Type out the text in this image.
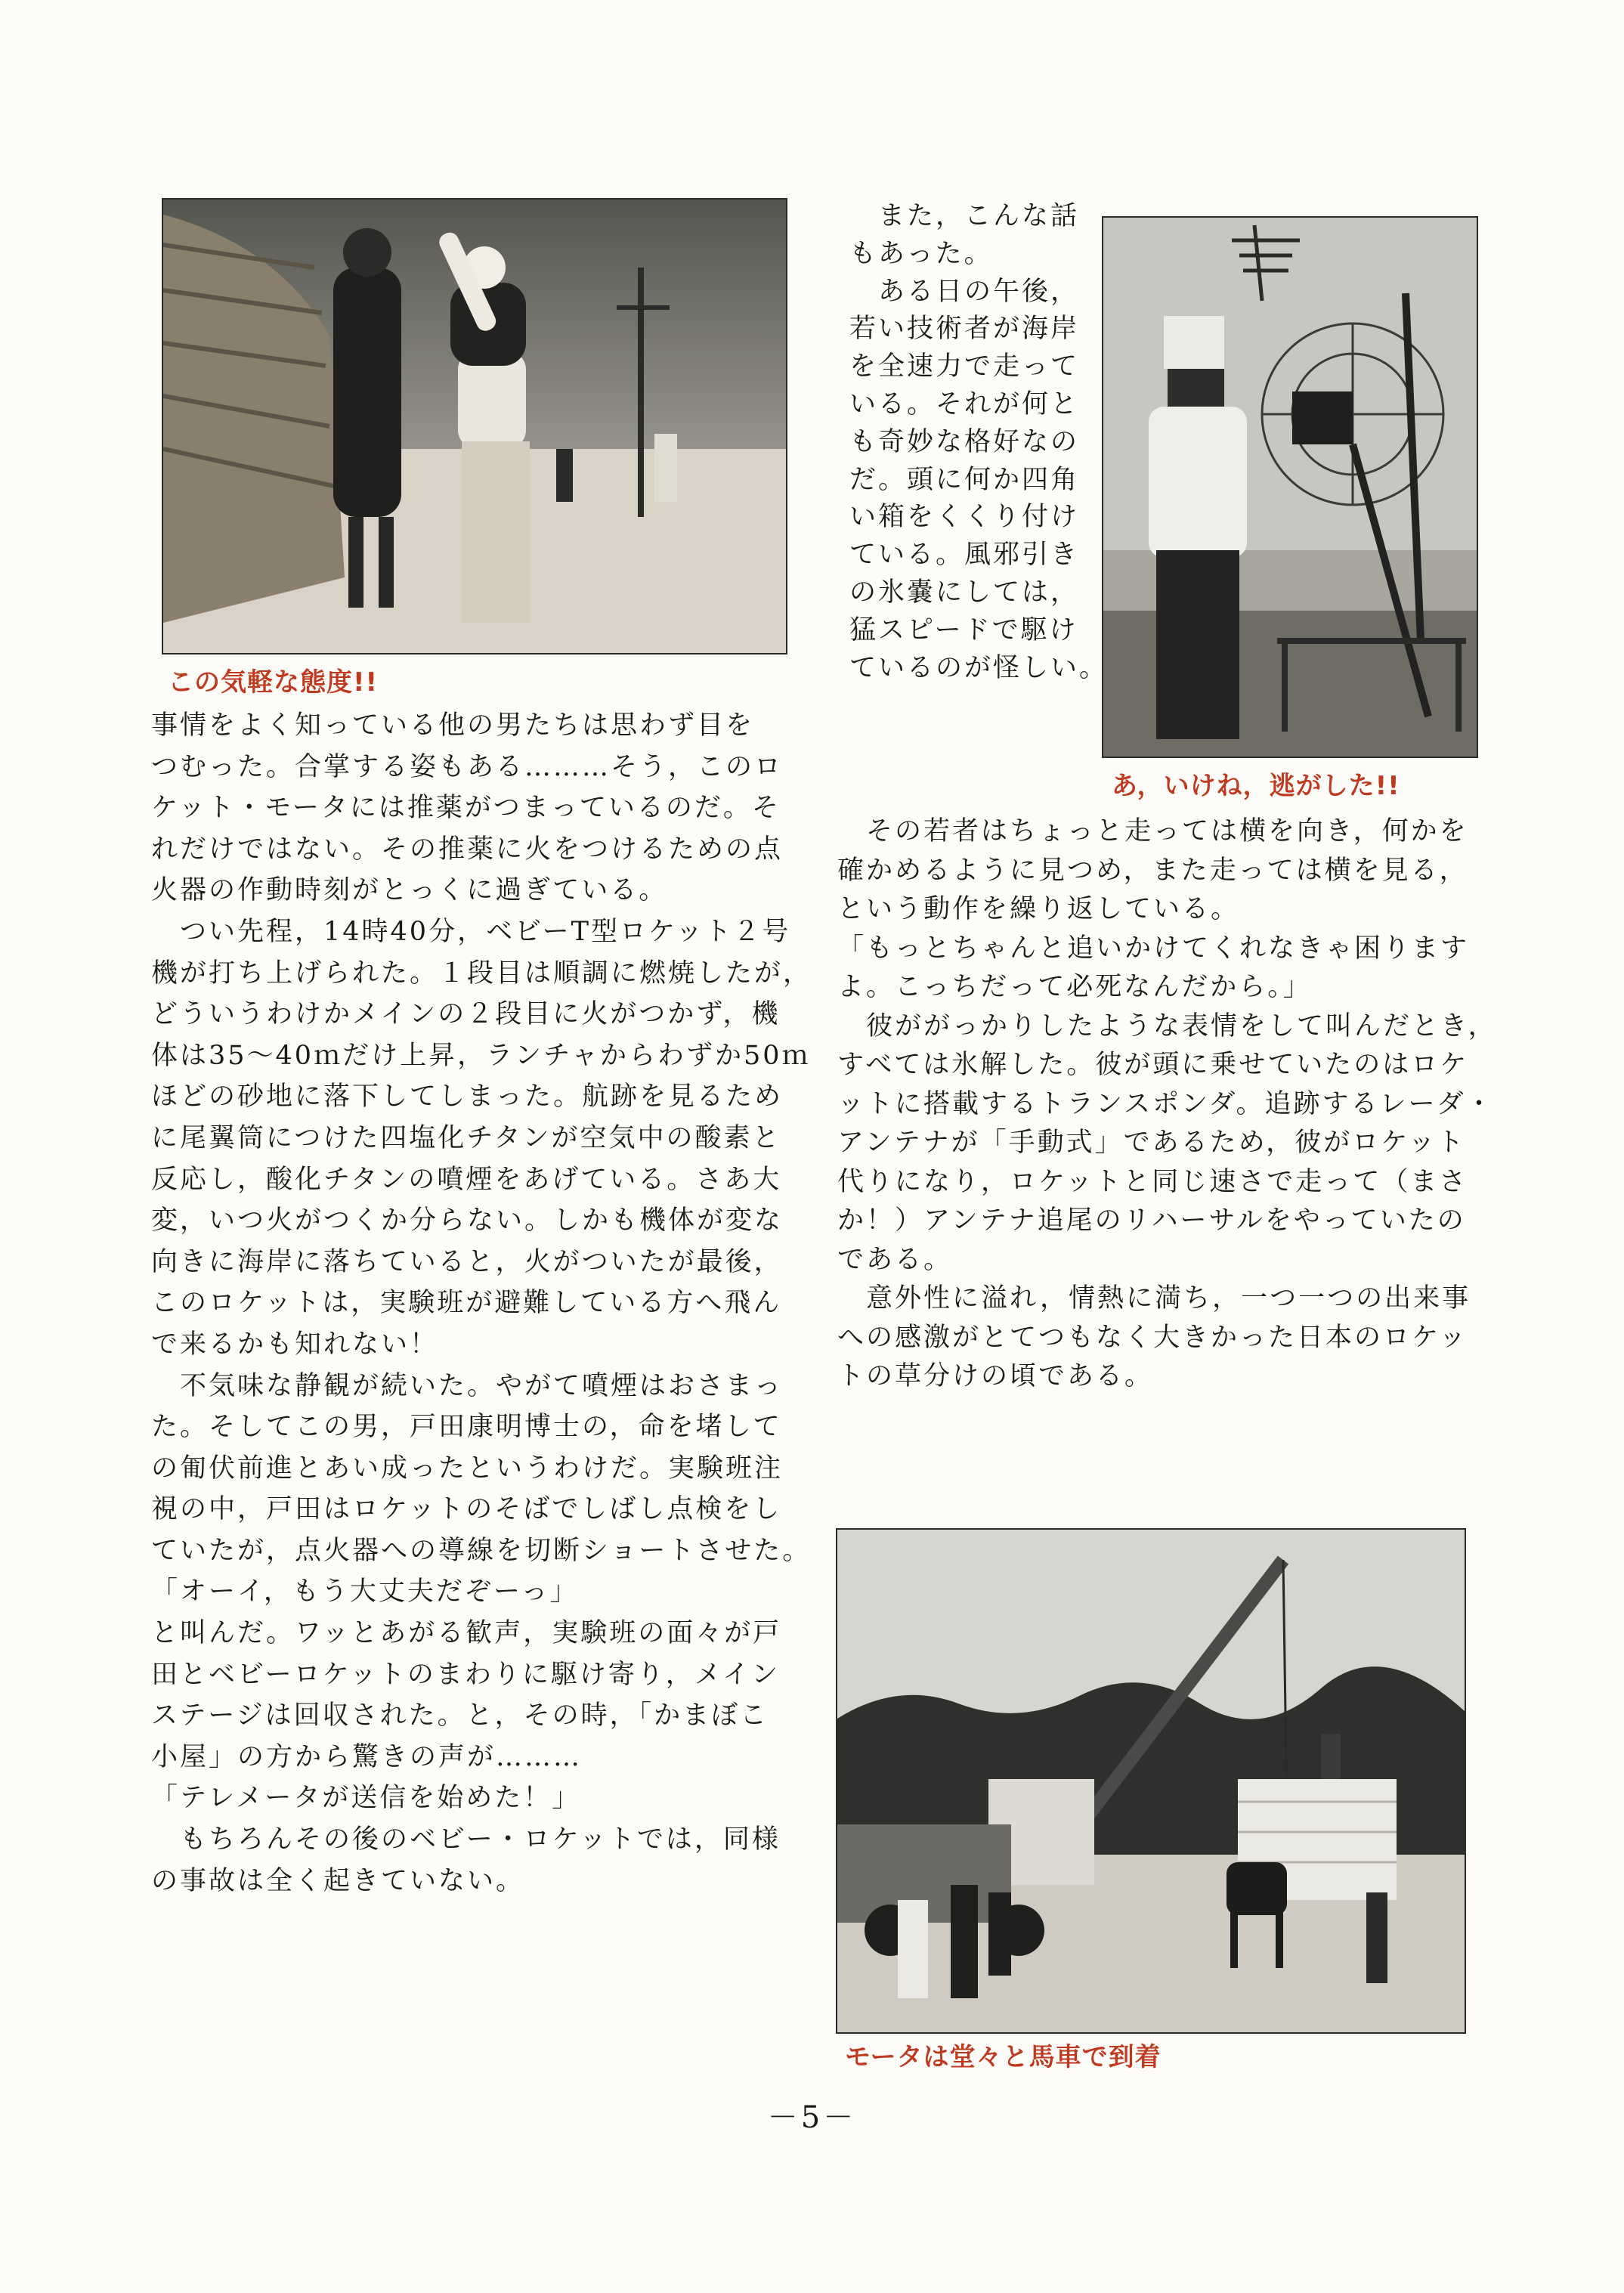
この気軽な態度!!
あ，いけね，逃がした!!
モータは堂々と馬車で到着

事情をよく知っている他の男たちは思わず目を

つむった。合掌する姿もある………そう，このロ

ケット・モータには推薬がつまっているのだ。そ

れだけではない。その推薬に火をつけるための点

火器の作動時刻がとっくに過ぎている。

　つい先程，14時40分，ベビーT型ロケット２号

機が打ち上げられた。１段目は順調に燃焼したが，

どういうわけかメインの２段目に火がつかず，機

体は35～40ｍだけ上昇，ランチャからわずか50ｍ

ほどの砂地に落下してしまった。航跡を見るため

に尾翼筒につけた四塩化チタンが空気中の酸素と

反応し，酸化チタンの噴煙をあげている。さあ大

変，いつ火がつくか分らない。しかも機体が変な

向きに海岸に落ちていると，火がついたが最後，

このロケットは，実験班が避難している方へ飛ん

で来るかも知れない！

　不気味な静観が続いた。やがて噴煙はおさまっ

た。そしてこの男，戸田康明博士の，命を堵して

の匍伏前進とあい成ったというわけだ。実験班注

視の中，戸田はロケットのそばでしばし点検をし

ていたが，点火器への導線を切断ショートさせた。

「オーイ，もう大丈夫だぞーっ」

と叫んだ。ワッとあがる歓声，実験班の面々が戸

田とベビーロケットのまわりに駆け寄り，メイン

ステージは回収された。と，その時，「かまぼこ

小屋」の方から驚きの声が………

「テレメータが送信を始めた！」

　もちろんその後のベビー・ロケットでは，同様

の事故は全く起きていない。

　また，こんな話

もあった。

　ある日の午後，

若い技術者が海岸

を全速力で走って

いる。それが何と

も奇妙な格好なの

だ。頭に何か四角

い箱をくくり付け

ている。風邪引き

の氷嚢にしては，

猛スピードで駆け

ているのが怪しい。

　その若者はちょっと走っては横を向き，何かを

確かめるように見つめ，また走っては横を見る，

という動作を繰り返している。

「もっとちゃんと追いかけてくれなきゃ困ります

よ。こっちだって必死なんだから。」

　彼ががっかりしたような表情をして叫んだとき，

すべては氷解した。彼が頭に乗せていたのはロケ

ットに搭載するトランスポンダ。追跡するレーダ・

アンテナが「手動式」であるため，彼がロケット

代りになり，ロケットと同じ速さで走って（まさ

か！）アンテナ追尾のリハーサルをやっていたの

である。

　意外性に溢れ，情熱に満ち，一つ一つの出来事

への感激がとてつもなく大きかった日本のロケッ

トの草分けの頃である。

－5－
